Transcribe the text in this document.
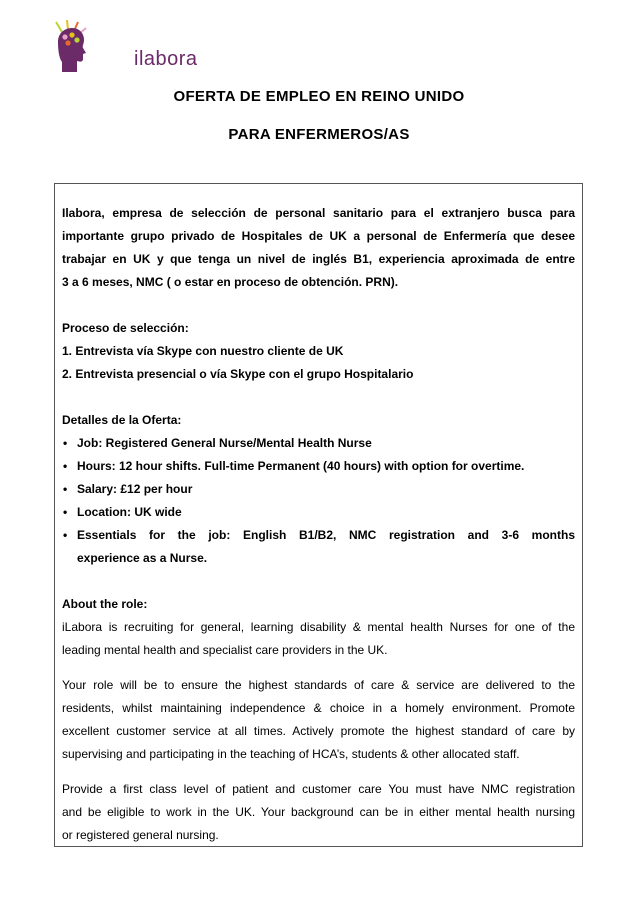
ilabora
OFERTA DE EMPLEO EN REINO UNIDO
PARA ENFERMEROS/AS

Ilabora, empresa de selección de personal sanitario para el extranjero busca para

importante grupo privado de Hospitales de UK a personal de Enfermería que desee

trabajar en UK y que tenga un nivel de inglés B1, experiencia aproximada de entre

3 a 6 meses, NMC ( o estar en proceso de obtención. PRN).

Proceso de selección:

1. Entrevista vía Skype con nuestro cliente de UK

2. Entrevista presencial o vía Skype con el grupo Hospitalario

Detalles de la Oferta:

• Job: Registered General Nurse/Mental Health Nurse
• Hours: 12 hour shifts. Full-time Permanent (40 hours) with option for overtime.
• Salary: £12 per hour
• Location: UK wide
• Essentials for the job: English B1/B2, NMC registration and 3-6 months
experience as a Nurse.

About the role:

iLabora is recruiting for general, learning disability & mental health Nurses for one of the

leading mental health and specialist care providers in the UK.

Your role will be to ensure the highest standards of care & service are delivered to the

residents, whilst maintaining independence & choice in a homely environment. Promote

excellent customer service at all times. Actively promote the highest standard of care by

supervising and participating in the teaching of HCA’s, students & other allocated staff.

Provide a first class level of patient and customer care You must have NMC registration

and be eligible to work in the UK. Your background can be in either mental health nursing

or registered general nursing.
